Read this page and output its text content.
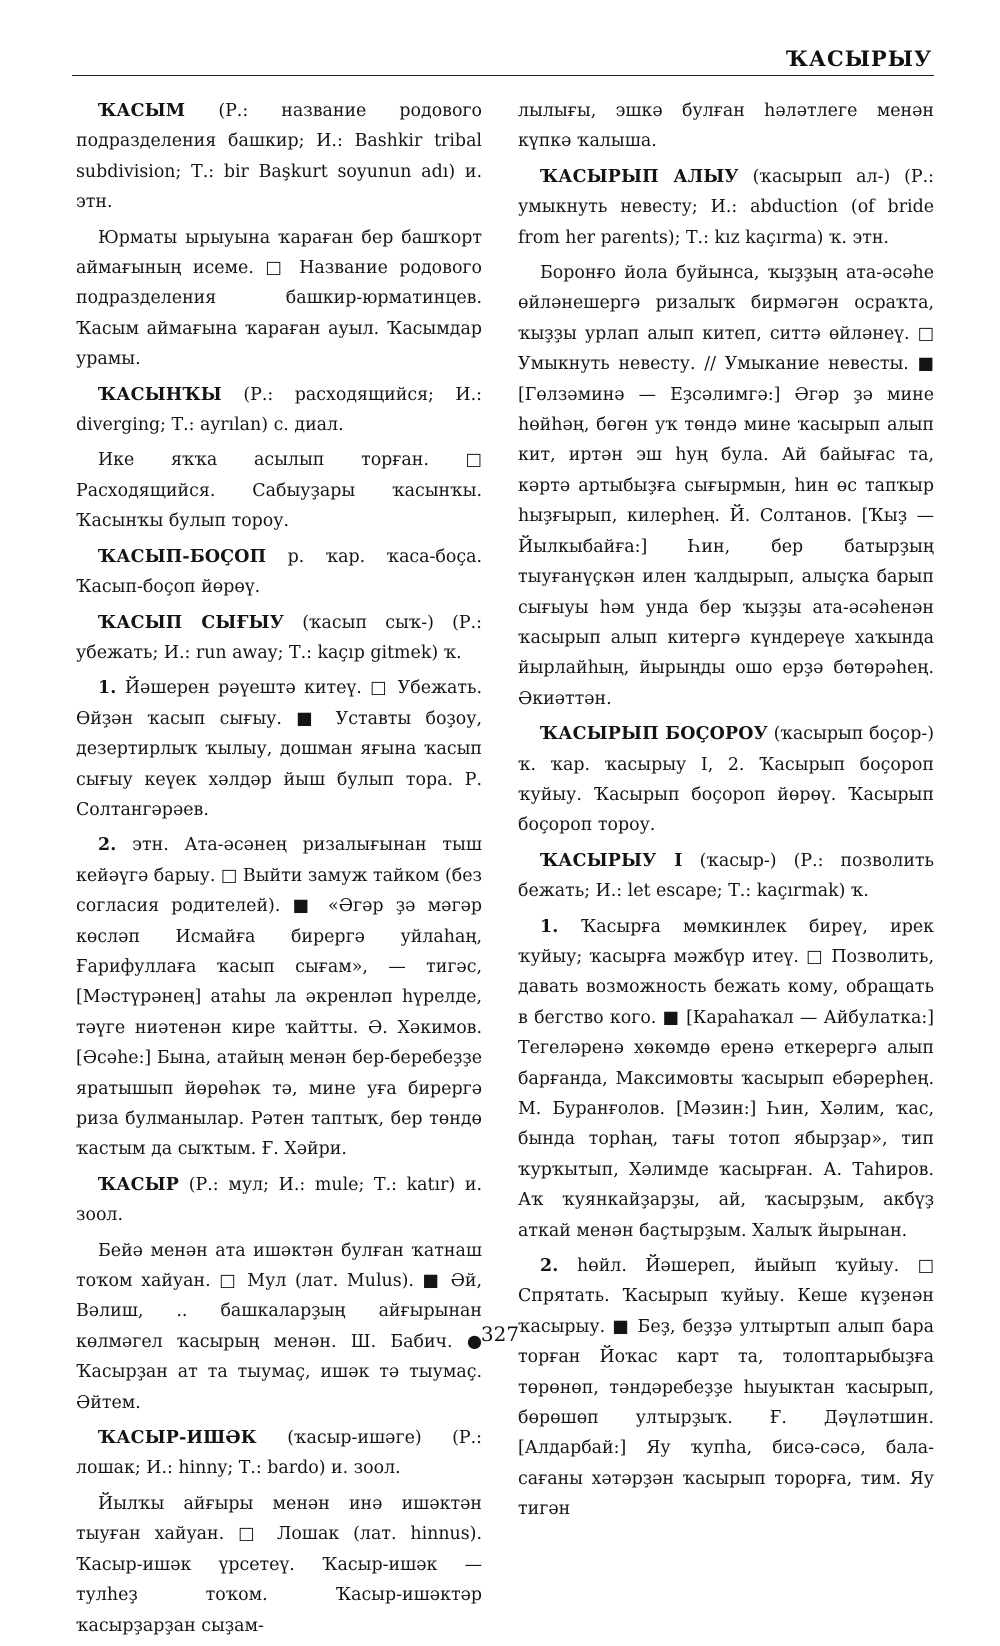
ҠАСЫРЫУ

ҠАСЫМ (Р.: название родового подразделения башкир; И.: Bashkir tribal subdivision; Т.: bir Başkurt soyunun adı) и. этн.

Юрматы ырыуына ҡараған бер башҡорт аймағының исеме. □ Название родового подразделения башкир-юрматинцев. Ҡасым аймағына ҡараған ауыл. Ҡасымдар урамы.

ҠАСЫНҠЫ (Р.: расходящийся; И.: diverging; Т.: ayrılan) с. диал.

Ике яҡҡа асылып торған. □ Расходящийся. Сабыуҙары ҡасынҡы. Ҡасынҡы булып тороу.

ҠАСЫП-БОҪОП р. ҡар. ҡаса-боҫа. Ҡасып-боҫоп йөрөү.

ҠАСЫП СЫҒЫУ (ҡасып сыҡ-) (Р.: убежать; И.: run away; Т.: kaçıp gitmek) ҡ.

1. Йәшерен рәүештә китеү. □ Убежать. Өйҙән ҡасып сығыу. ■ Уставты боҙоу, дезертирлыҡ ҡылыу, дошман яғына ҡасып сығыу кеүек хәлдәр йыш булып тора. Р. Солтангәрәев.

2. этн. Ата-әсәнең ризалығынан тыш кейәүгә барыу. □ Выйти замуж тайком (без согласия родителей). ■ «Әгәр ҙә мәгәр көсләп Исмайға бирергә уйлаһаң, Ғарифуллаға ҡасып сығам», — тигәс, [Мәстүрәнең] атаһы ла әкренләп һүрелдe, тәүге ниәтенән кире ҡайтты. Ә. Хәкимов. [Әсәһе:] Бына, атайың менән бер-беребеҙҙе яратышып йөрөһәк тә, мине уға бирергә риза булманылар. Рәтен таптыҡ, бер төндө ҡастым да сыҡтым. Ғ. Хәйри.

ҠАСЫР (Р.: мул; И.: mule; Т.: katır) и. зоол.

Бейә менән ата ишәктән булған ҡатнаш тоҡом хайуан. □ Мул (лат. Mulus). ■ Әй, Вәлиш, .. башкаларҙың айғырынан көлмәгел ҡасырың менән. Ш. Бабич. ● Ҡасырҙан ат та тыумаҫ, ишәк тә тыумаҫ. Әйтем.

ҠАСЫР-ИШӘК (ҡасыр-ишәге) (Р.: лошак; И.: hinny; Т.: bardo) и. зоол.

Йылҡы айғыры менән инә ишәктән тыуған хайуан. □ Лошак (лат. hinnus). Ҡасыр-ишәк үрсетеү. Ҡасыр-ишәк — тулһеҙ тоҡом. Ҡасыр-ишәктәр ҡасырҙарҙан сыҙам-

лылығы, эшкә булған һәләтлеге менән күпкә ҡалыша.

ҠАСЫРЫП АЛЫУ (ҡасырып ал-) (Р.: умыкнуть невесту; И.: abduction (of bride from her parents); Т.: kız kaçırma) ҡ. этн.

Боронғо йола буйынса, ҡыҙҙың ата-әсәһе өйләнешергә ризалыҡ бирмәгән осраҡта, ҡыҙҙы урлап алып китеп, ситтә өйләнеү. □ Умыкнуть невесту. // Умыкание невесты. ■ [Гөлзәминә — Еҙсәлимгә:] Әгәр ҙә мине һөйһәң, бөгөн уҡ төндә мине ҡасырып алып кит, иртән эш һуң була. Ай байығас та, кәртә артыбыҙға сығырмын, һин өс тапҡыр һыҙғырып, килерһең. Й. Солтанов. [Ҡыҙ — Йылкыбайға:] Һин, бер батырҙың тыуғанүҫкән илен ҡалдырып, алыҫҡа барып сығыуы һәм унда бер ҡыҙҙы ата-әсәһенән ҡасырып алып китергә күндереүе хаҡында йырлайһың, йырыңды ошо ерҙә бөтөрәһең. Әкиәттән.

ҠАСЫРЫП БОҪОРОУ (ҡасырып боҫор-) ҡ. ҡар. ҡасырыу I, 2. Ҡасырып боҫороп ҡуйыу. Ҡасырып боҫороп йөрөү. Ҡасырып боҫороп тороу.

ҠАСЫРЫУ I (ҡасыр-) (Р.: позволить бежать; И.: let escape; Т.: kaçırmak) ҡ.

1. Ҡасырға мөмкинлек биреү, ирек ҡуйыу; ҡасырға мәжбүр итеү. □ Позволить, давать возможность бежать кому, обращать в бегство кого. ■ [Караһаҡал — Айбулатка:] Тегеләренә хөкөмдө еренә еткерергә алып барғанда, Максимовты ҡасырып ебәрерһең. М. Буранғолов. [Мәзин:] Һин, Хәлим, ҡас, бында торһаң, тағы тотоп ябырҙар», тип ҡурҡытып, Хәлимде ҡасырған. А. Таһиров. Аҡ ҡуянкайҙарҙы, ай, ҡасырҙым, акбүҙ аткай менән баҫтырҙым. Халыҡ йырынан.

2. һөйл. Йәшереп, йыйып ҡуйыу. □ Спрятать. Ҡасырып ҡуйыу. Кеше күҙенән ҡасырыу. ■ Беҙ, беҙҙә ултыртып алып бара торған Йоҡас карт та, толоптарыбыҙға төрөнөп, тәндәребеҙҙе һыуыктан ҡасырып, бөрөшөп ултырҙыҡ. Ғ. Дәүләтшин. [Алдарбай:] Яу ҡупһа, бисә-сәсә, бала-сағаны хәтәрҙән ҡасырып торорға, тим. Яу тигән

327
